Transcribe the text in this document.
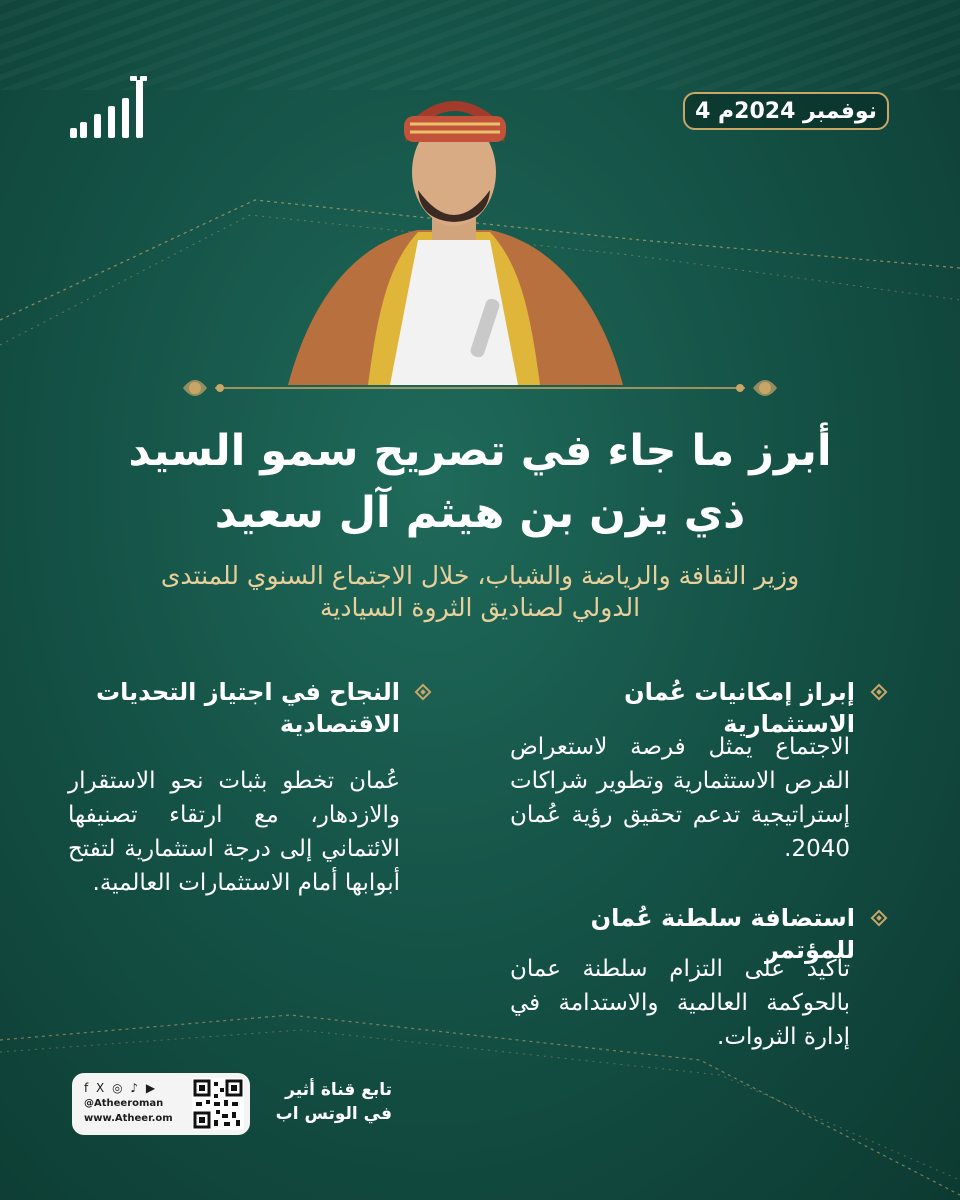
4 نوفمبر 2024م
أبرز ما جاء في تصريح سمو السيد
ذي يزن بن هيثم آل سعيد
وزير الثقافة والرياضة والشباب، خلال الاجتماع السنوي للمنتدى
الدولي لصناديق الثروة السيادية
إبراز إمكانيات عُمان الاستثمارية
الاجتماع يمثل فرصة لاستعراض الفرص الاستثمارية وتطوير شراكات إستراتيجية تدعم تحقيق رؤية عُمان 2040.
استضافة سلطنة عُمان للمؤتمر
تأكيد على التزام سلطنة عمان بالحوكمة العالمية والاستدامة في إدارة الثروات.
النجاح في اجتياز التحديات
الاقتصادية
عُمان تخطو بثبات نحو الاستقرار والازدهار، مع ارتقاء تصنيفها الائتماني إلى درجة استثمارية لتفتح أبوابها أمام الاستثمارات العالمية.
f X ◎ ♪ ▶
@Atheeroman
www.Atheer.om
تابع قناة أثير
في الوتس اب
